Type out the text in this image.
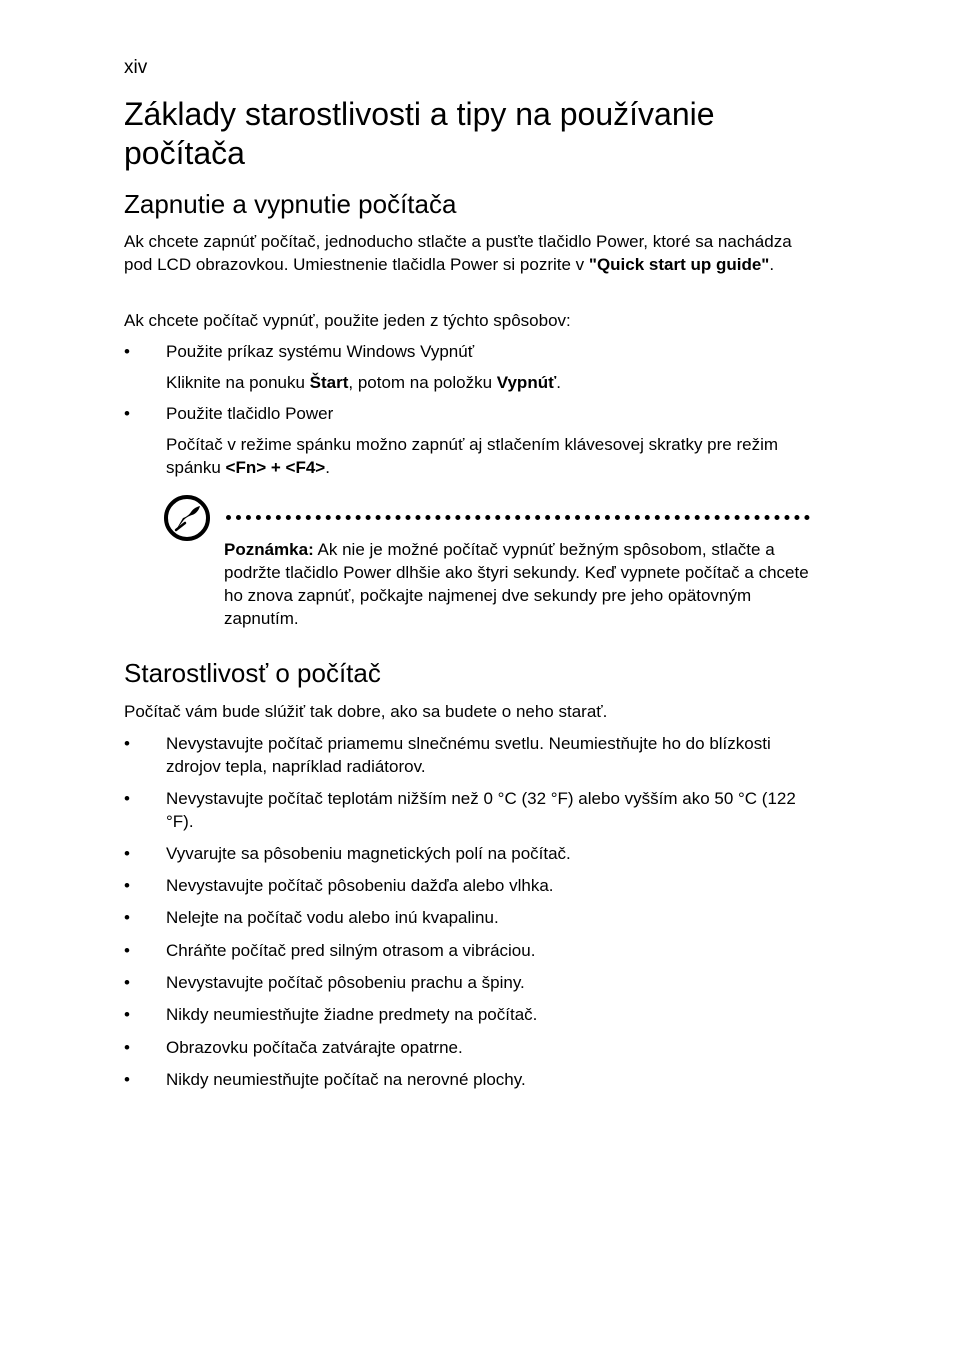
xiv
Základy starostlivosti a tipy na používanie počítača
Zapnutie a vypnutie počítača

Ak chcete zapnúť počítač, jednoducho stlačte a pusťte tlačidlo Power, ktoré sa nachádza pod LCD obrazovkou. Umiestnenie tlačidla Power si pozrite v "Quick start up guide".

Ak chcete počítač vypnúť, použite jeden z týchto spôsobov:

• Použite príkaz systému Windows Vypnúť

Kliknite na ponuku Štart, potom na položku Vypnúť.

• Použite tlačidlo Power

Počítač v režime spánku možno zapnúť aj stlačením klávesovej skratky pre režim spánku <Fn> + <F4>.

Poznámka: Ak nie je možné počítač vypnúť bežným spôsobom, stlačte a podržte tlačidlo Power dlhšie ako štyri sekundy. Keď vypnete počítač a chcete ho znova zapnúť, počkajte najmenej dve sekundy pre jeho opätovným zapnutím.

Starostlivosť o počítač

Počítač vám bude slúžiť tak dobre, ako sa budete o neho starať.

• Nevystavujte počítač priamemu slnečnému svetlu. Neumiestňujte ho do blízkosti zdrojov tepla, napríklad radiátorov.

• Nevystavujte počítač teplotám nižším než 0 °C (32 °F) alebo vyšším ako 50 °C (122 °F).

• Vyvarujte sa pôsobeniu magnetických polí na počítač.

• Nevystavujte počítač pôsobeniu dažďa alebo vlhka.

• Nelejte na počítač vodu alebo inú kvapalinu.

• Chráňte počítač pred silným otrasom a vibráciou.

• Nevystavujte počítač pôsobeniu prachu a špiny.

• Nikdy neumiestňujte žiadne predmety na počítač.

• Obrazovku počítača zatvárajte opatrne.

• Nikdy neumiestňujte počítač na nerovné plochy.
